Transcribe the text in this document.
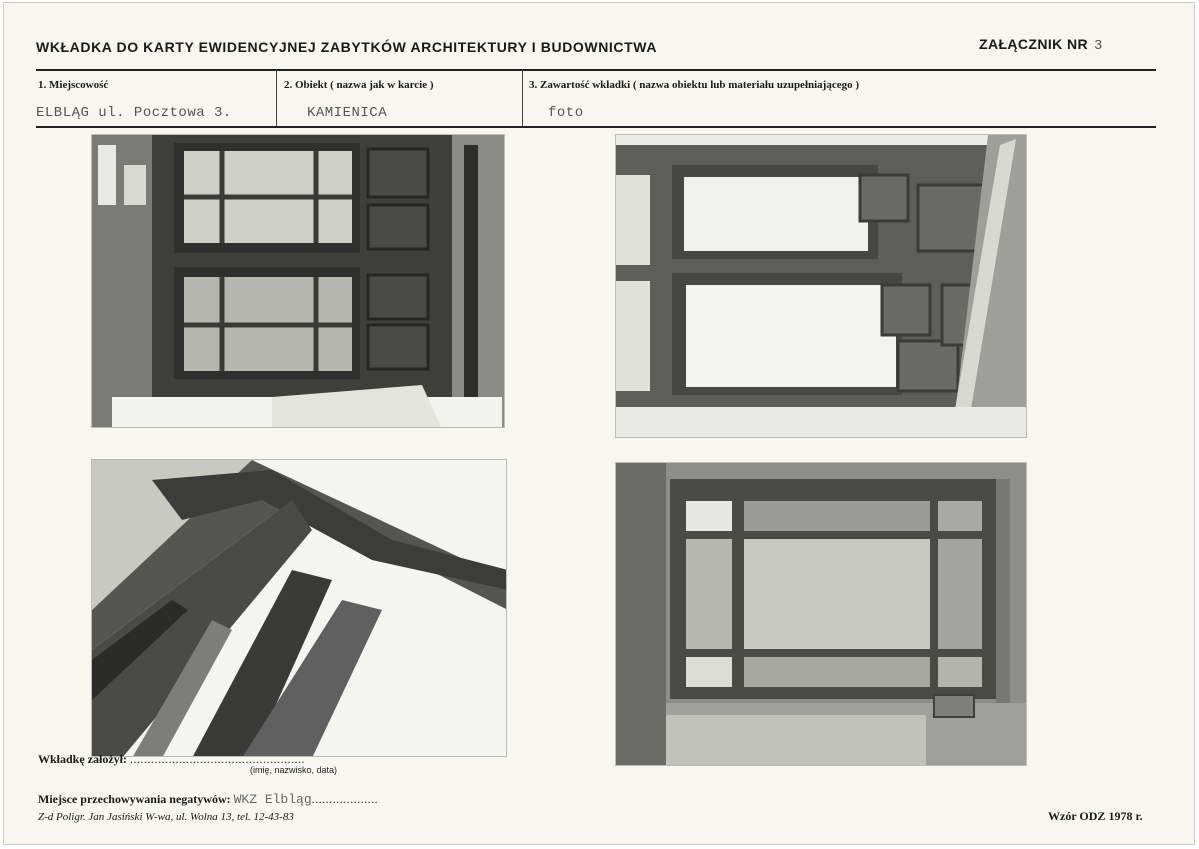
WKŁADKA DO KARTY EWIDENCYJNEJ ZABYTKÓW ARCHITEKTURY I BUDOWNICTWA	ZAŁĄCZNIK NR 3
1. Miejscowość
ELBLĄG ul. Pocztowa 3.
2. Obiekt ( nazwa jak w karcie )
KAMIENICA
3. Zawartość wkładki ( nazwa obiektu lub materiału uzupełniającego )
foto
Wkładkę założył: ..................................................
(imię, nazwisko, data)
Miejsce przechowywania negatywów: WKZ Elbląg...................
Z-d Poligr. Jan Jasiński W-wa, ul. Wolna 13, tel. 12-43-83	Wzór ODZ 1978 r.
